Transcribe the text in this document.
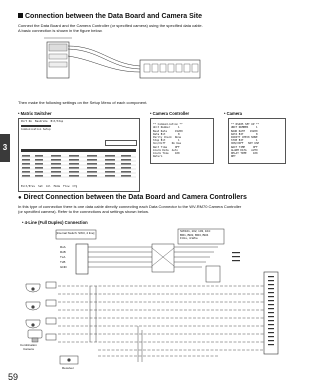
3
Connection between the Data Board and Camera Site
Connect the Data Board and the Camera Controller (or specified camera) using the specified data cable.
A basic connection is shown in the figure below.
Then make the following settings on the Setup Menu of each component.
• Matrix Switcher
Port No  Baudrate  Bit/Stop
Communication Setup
Exit/Prev  Set  All  Mode  Flow  Cfg
• Camera Controller

** Communication **
Unit Number     1
Baud Rate     19200
Data Bit        8
Parity Check  None
Stop Bit        1
Xon/Xoff    No Use
Wait Time     OFF
Alarm Data  Auto
Alarm Time    100
Return
• Camera

** RS485 SET UP **
UNIT NUMBER     1
BAUD RATE   19200
DATA BIT        8
PARITY CHECK NONE
STOP BIT        1
XON/XOFF   NOT USE
WAIT TIME     OFF
ALARM DATA   AUTO
DELAY TIME    100
RET
● Direct Connection between the Data Board and Camera Controllers
In this type of connection there is one data cable directly connecting each Data Connector to the WV-RM70 Camera Controller
(or specified camera). Refer to the connections and settings shown below.
• 4-Line (Full Duplex) Connection
[Internal Switch: SW3, 4 line]	SW101, 102, 103, 104:
BR1, BR2, BR3, BR4
FULL, 4-Wire
RxA
RxB
TxA
TxB
GND
Combination
Camera
Receiver
59
